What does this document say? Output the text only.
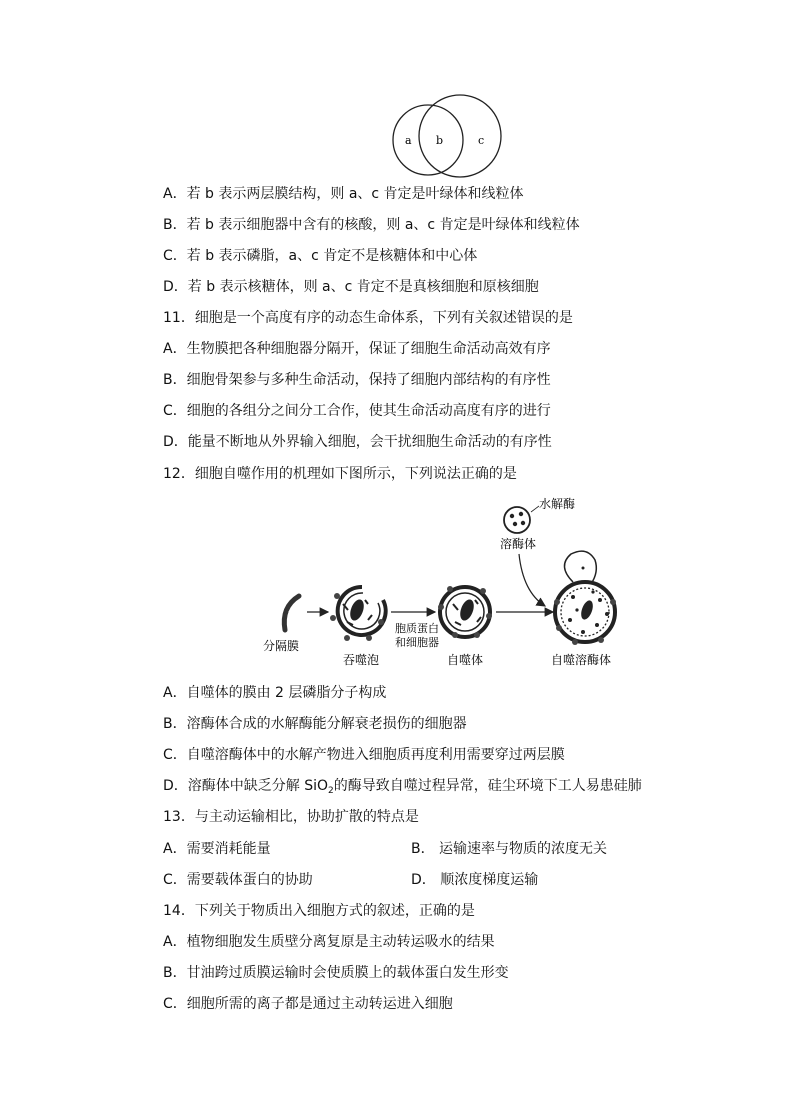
a b	c
A．若 b 表示两层膜结构，则 a、c 肯定是叶绿体和线粒体
B．若 b 表示细胞器中含有的核酸，则 a、c 肯定是叶绿体和线粒体
C．若 b 表示磷脂，a、c 肯定不是核糖体和中心体
D．若 b 表示核糖体，则 a、c 肯定不是真核细胞和原核细胞
11．细胞是一个高度有序的动态生命体系，下列有关叙述错误的是
A．生物膜把各种细胞器分隔开，保证了细胞生命活动高效有序
B．细胞骨架参与多种生命活动，保持了细胞内部结构的有序性
C．细胞的各组分之间分工合作，使其生命活动高度有序的进行
D．能量不断地从外界输入细胞，会干扰细胞生命活动的有序性
12．细胞自噬作用的机理如下图所示，下列说法正确的是
水解酶
溶酶体
分隔膜
吞噬泡
胞质蛋白
和细胞器
自噬体	自噬溶酶体
A．自噬体的膜由 2 层磷脂分子构成
B．溶酶体合成的水解酶能分解衰老损伤的细胞器
C．自噬溶酶体中的水解产物进入细胞质再度利用需要穿过两层膜
D．溶酶体中缺乏分解 SiO$_2$的酶导致自噬过程异常，硅尘环境下工人易患硅肺
13．与主动运输相比，协助扩散的特点是
A．需要消耗能量	B． 运输速率与物质的浓度无关
C．需要载体蛋白的协助	D． 顺浓度梯度运输
14．下列关于物质出入细胞方式的叙述，正确的是
A．植物细胞发生质壁分离复原是主动转运吸水的结果
B．甘油跨过质膜运输时会使质膜上的载体蛋白发生形变
C．细胞所需的离子都是通过主动转运进入细胞
